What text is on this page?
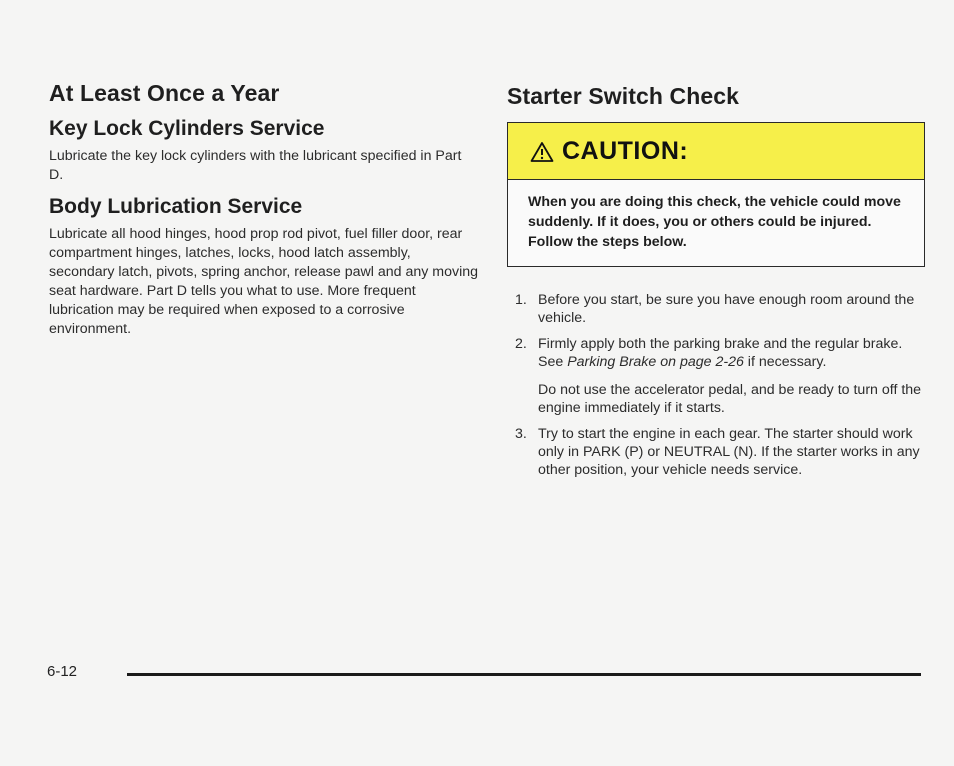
At Least Once a Year
Key Lock Cylinders Service

Lubricate the key lock cylinders with the lubricant specified in Part D.

Body Lubrication Service

Lubricate all hood hinges, hood prop rod pivot, fuel filler door, rear compartment hinges, latches, locks, hood latch assembly, secondary latch, pivots, spring anchor, release pawl and any moving seat hardware. Part D tells you what to use. More frequent lubrication may be required when exposed to a corrosive environment.

Starter Switch Check
CAUTION:
When you are doing this check, the vehicle could move suddenly. If it does, you or others could be injured. Follow the steps below.
1. Before you start, be sure you have enough room around the vehicle.

2. Firmly apply both the parking brake and the regular brake. See Parking Brake on page 2-26 if necessary.

Do not use the accelerator pedal, and be ready to turn off the engine immediately if it starts.

3. Try to start the engine in each gear. The starter should work only in PARK (P) or NEUTRAL (N). If the starter works in any other position, your vehicle needs service.

6-12
